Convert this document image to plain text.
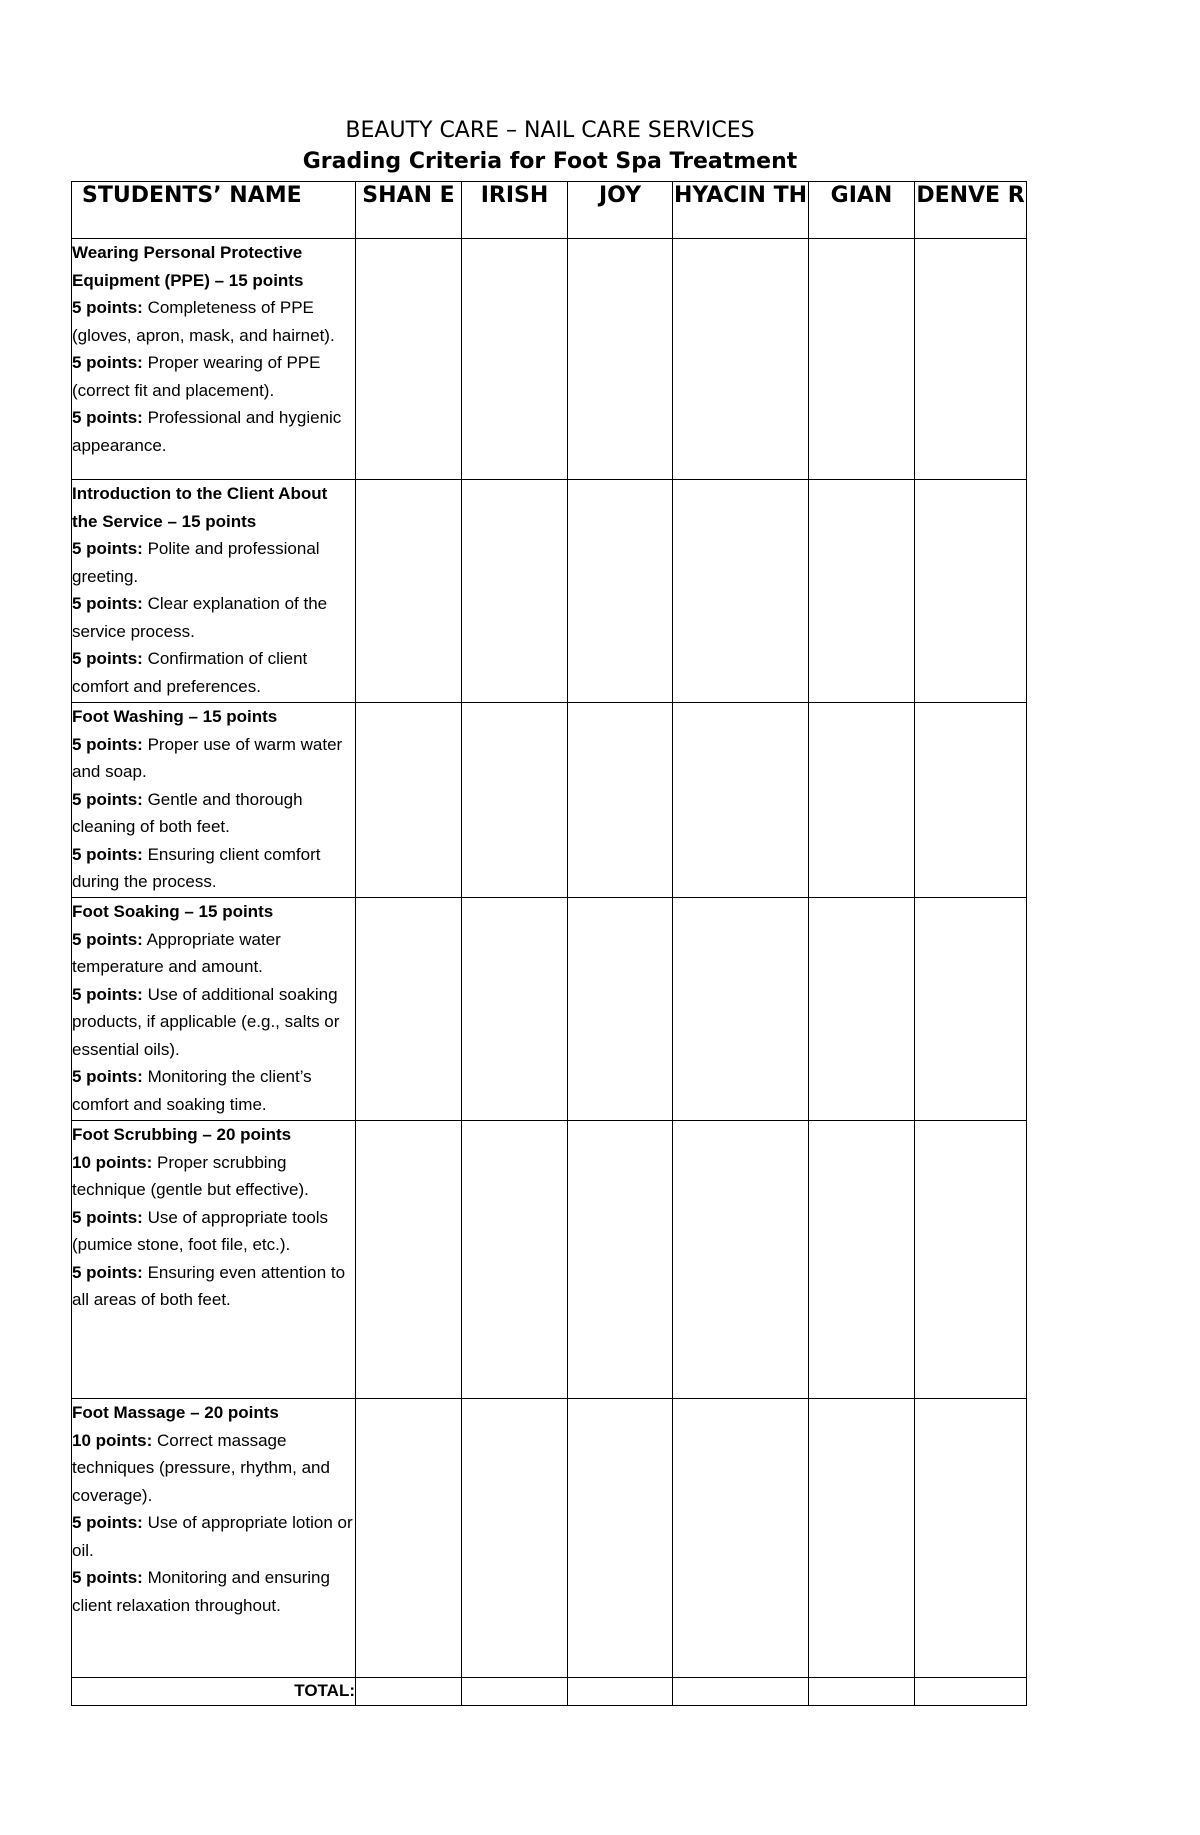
BEAUTY CARE – NAIL CARE SERVICES
Grading Criteria for Foot Spa Treatment
STUDENTS’ NAME	SHAN E	IRISH	JOY	HYACIN TH	GIAN	DENVE R

Wearing Personal Protective Equipment (PPE) – 15 points
5 points: Completeness of PPE (gloves, apron, mask, and hairnet).
5 points: Proper wearing of PPE (correct fit and placement).
5 points: Professional and hygienic appearance.						

Introduction to the Client About the Service – 15 points
5 points: Polite and professional greeting.
5 points: Clear explanation of the service process.
5 points: Confirmation of client comfort and preferences.						

Foot Washing – 15 points
5 points: Proper use of warm water and soap.
5 points: Gentle and thorough cleaning of both feet.
5 points: Ensuring client comfort during the process.						

Foot Soaking – 15 points
5 points: Appropriate water temperature and amount.
5 points: Use of additional soaking products, if applicable (e.g., salts or essential oils).
5 points: Monitoring the client’s comfort and soaking time.						

Foot Scrubbing – 20 points
10 points: Proper scrubbing technique (gentle but effective).
5 points: Use of appropriate tools (pumice stone, foot file, etc.).
5 points: Ensuring even attention to all areas of both feet.						

Foot Massage – 20 points
10 points: Correct massage techniques (pressure, rhythm, and coverage).
5 points: Use of appropriate lotion or oil.
5 points: Monitoring and ensuring client relaxation throughout.						

TOTAL:						
